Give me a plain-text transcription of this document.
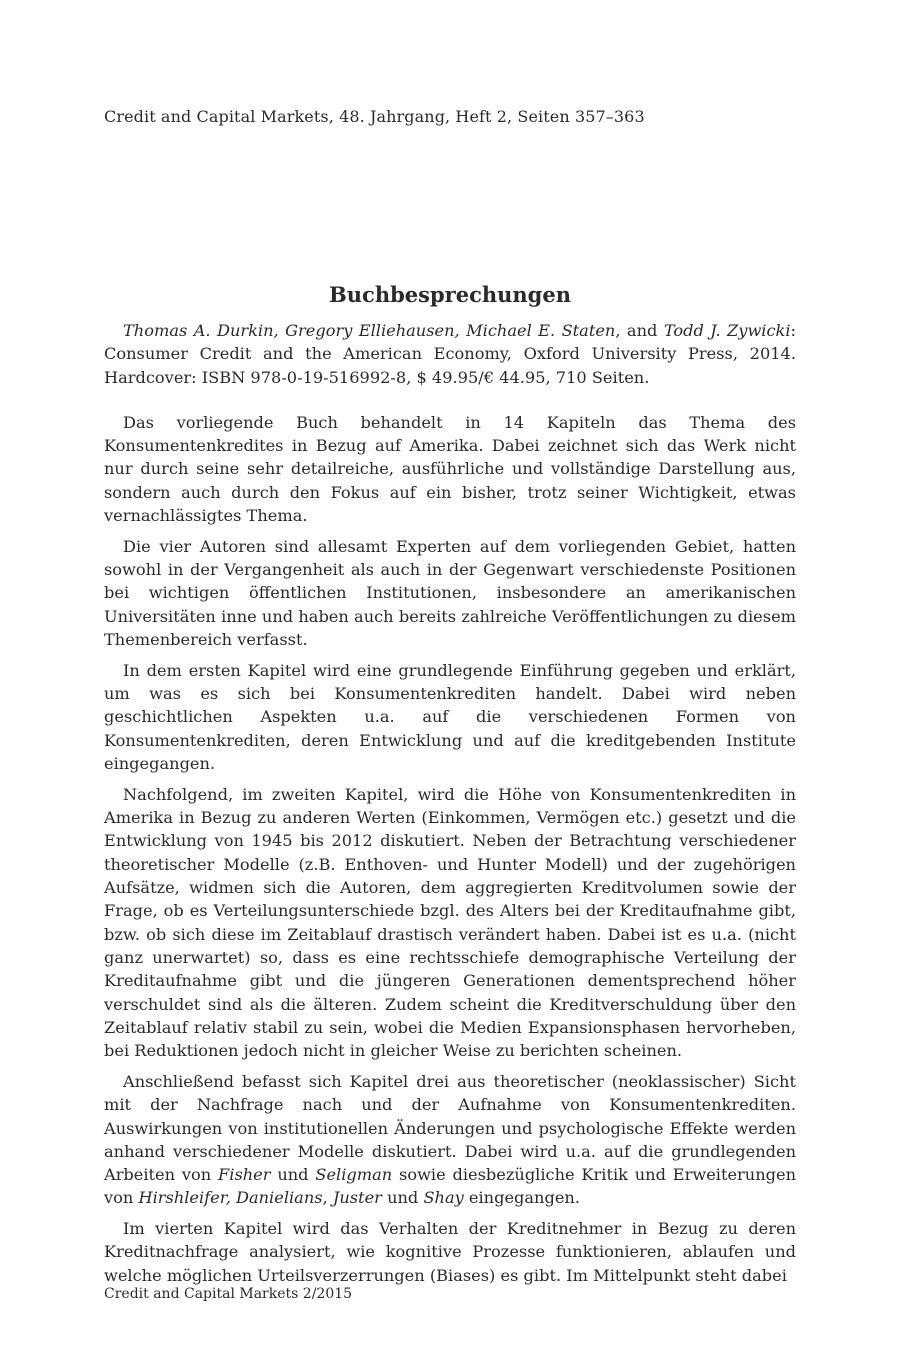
Credit and Capital Markets, 48. Jahrgang, Heft 2, Seiten 357–363
Buchbesprechungen

Thomas A. Durkin, Gregory Elliehausen, Michael E. Staten, and Todd J. Zywicki: Consumer Credit and the American Economy, Oxford University Press, 2014. Hardcover: ISBN 978-0-19-516992-8, $ 49.95/€ 44.95, 710 Seiten.

Das vorliegende Buch behandelt in 14 Kapiteln das Thema des Konsumentenkredites in Bezug auf Amerika. Dabei zeichnet sich das Werk nicht nur durch seine sehr detailreiche, ausführliche und vollständige Darstellung aus, sondern auch durch den Fokus auf ein bisher, trotz seiner Wichtigkeit, etwas vernachlässigtes Thema.

Die vier Autoren sind allesamt Experten auf dem vorliegenden Gebiet, hatten sowohl in der Vergangenheit als auch in der Gegenwart verschiedenste Positionen bei wichtigen öffentlichen Institutionen, insbesondere an amerikanischen Universitäten inne und haben auch bereits zahlreiche Veröffentlichungen zu diesem Themenbereich verfasst.

In dem ersten Kapitel wird eine grundlegende Einführung gegeben und erklärt, um was es sich bei Konsumentenkrediten handelt. Dabei wird neben geschichtlichen Aspekten u.a. auf die verschiedenen Formen von Konsumentenkrediten, deren Entwicklung und auf die kreditgebenden Institute eingegangen.

Nachfolgend, im zweiten Kapitel, wird die Höhe von Konsumentenkrediten in Amerika in Bezug zu anderen Werten (Einkommen, Vermögen etc.) gesetzt und die Entwicklung von 1945 bis 2012 diskutiert. Neben der Betrachtung verschiedener theoretischer Modelle (z.B. Enthoven- und Hunter Modell) und der zugehörigen Aufsätze, widmen sich die Autoren, dem aggregierten Kreditvolumen sowie der Frage, ob es Verteilungsunterschiede bzgl. des Alters bei der Kreditaufnahme gibt, bzw. ob sich diese im Zeitablauf drastisch verändert haben. Dabei ist es u.a. (nicht ganz unerwartet) so, dass es eine rechtsschiefe demographische Verteilung der Kreditaufnahme gibt und die jüngeren Generationen dementsprechend höher verschuldet sind als die älteren. Zudem scheint die Kreditverschuldung über den Zeitablauf relativ stabil zu sein, wobei die Medien Expansionsphasen hervorheben, bei Reduktionen jedoch nicht in gleicher Weise zu berichten scheinen.

Anschließend befasst sich Kapitel drei aus theoretischer (neoklassischer) Sicht mit der Nachfrage nach und der Aufnahme von Konsumentenkrediten. Auswirkungen von institutionellen Änderungen und psychologische Effekte werden anhand verschiedener Modelle diskutiert. Dabei wird u.a. auf die grundlegenden Arbeiten von Fisher und Seligman sowie diesbezügliche Kritik und Erweiterungen von Hirshleifer, Danielians, Juster und Shay eingegangen.

Im vierten Kapitel wird das Verhalten der Kreditnehmer in Bezug zu deren Kreditnachfrage analysiert, wie kognitive Prozesse funktionieren, ablaufen und welche möglichen Urteilsverzerrungen (Biases) es gibt. Im Mittelpunkt steht dabei

Credit and Capital Markets 2/2015
